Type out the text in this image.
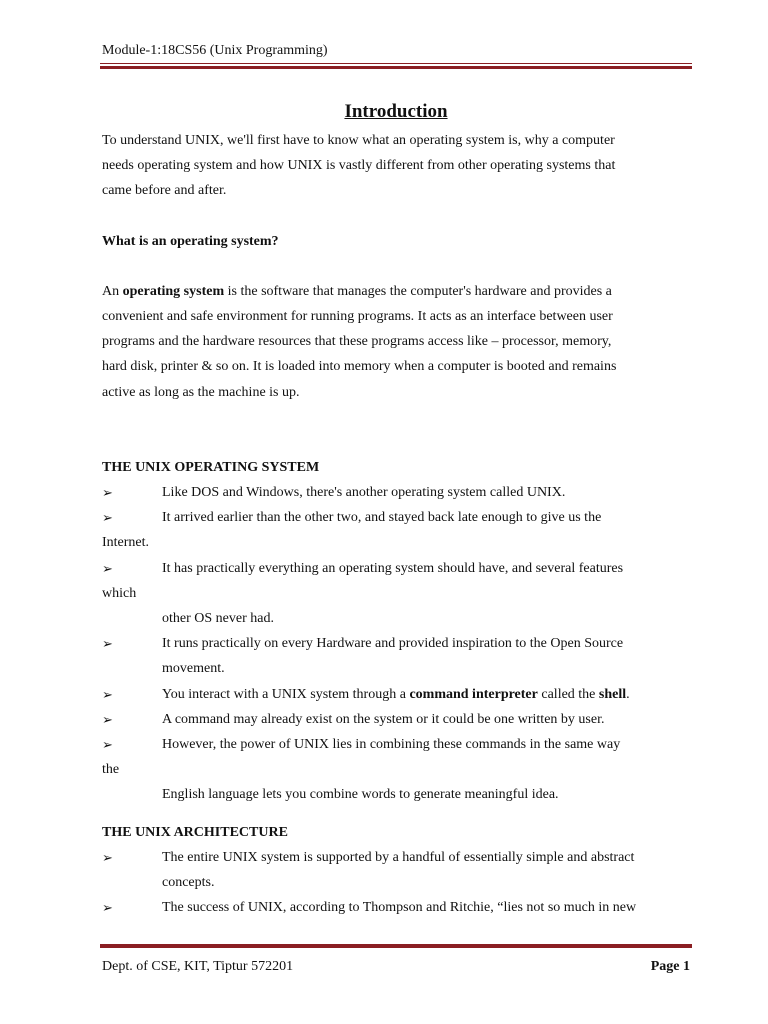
Module-1:18CS56 (Unix Programming)
Introduction

To understand UNIX, we'll first have to know what an operating system is, why a computer

needs operating system and how UNIX is vastly different from other operating systems that

came before and after.

What is an operating system?

An operating system is the software that manages the computer's hardware and provides a

convenient and safe environment for running programs. It acts as an interface between user

programs and the hardware resources that these programs access like – processor, memory,

hard disk, printer & so on. It is loaded into memory when a computer is booted and remains

active as long as the machine is up.

THE UNIX OPERATING SYSTEM

➢	Like DOS and Windows, there's another operating system called UNIX.
➢	It arrived earlier than the other two, and stayed back late enough to give us the

Internet.

➢	It has practically everything an operating system should have, and several features

which

other OS never had.

➢	It runs practically on every Hardware and provided inspiration to the Open Source

movement.

➢	You interact with a UNIX system through a command interpreter called the shell.
➢	A command may already exist on the system or it could be one written by user.
➢	However, the power of UNIX lies in combining these commands in the same way

the

English language lets you combine words to generate meaningful idea.

THE UNIX ARCHITECTURE

➢	The entire UNIX system is supported by a handful of essentially simple and abstract

concepts.

➢	The success of UNIX, according to Thompson and Ritchie, “lies not so much in new
Dept. of CSE, KIT, Tiptur 572201	Page 1
